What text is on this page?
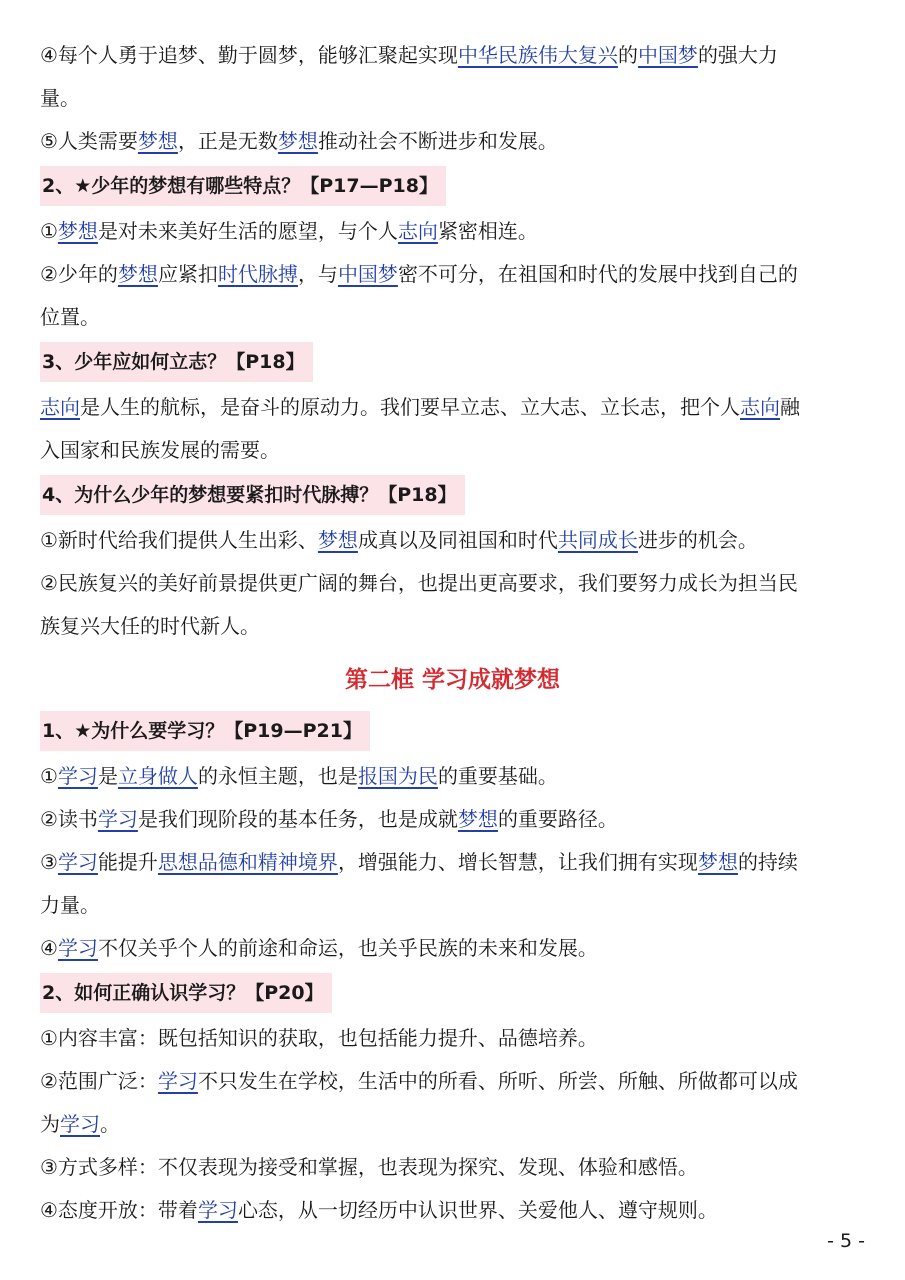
④每个人勇于追梦、勤于圆梦，能够汇聚起实现中华民族伟大复兴的中国梦的强大力
量。
⑤人类需要梦想，正是无数梦想推动社会不断进步和发展。
2、★少年的梦想有哪些特点？【P17—P18】
①梦想是对未来美好生活的愿望，与个人志向紧密相连。
②少年的梦想应紧扣时代脉搏，与中国梦密不可分，在祖国和时代的发展中找到自己的
位置。
3、少年应如何立志？【P18】
志向是人生的航标，是奋斗的原动力。我们要早立志、立大志、立长志，把个人志向融
入国家和民族发展的需要。
4、为什么少年的梦想要紧扣时代脉搏？【P18】
①新时代给我们提供人生出彩、梦想成真以及同祖国和时代共同成长进步的机会。
②民族复兴的美好前景提供更广阔的舞台，也提出更高要求，我们要努力成长为担当民
族复兴大任的时代新人。
第二框 学习成就梦想
1、★为什么要学习？【P19—P21】
①学习是立身做人的永恒主题，也是报国为民的重要基础。
②读书学习是我们现阶段的基本任务，也是成就梦想的重要路径。
③学习能提升思想品德和精神境界，增强能力、增长智慧，让我们拥有实现梦想的持续
力量。
④学习不仅关乎个人的前途和命运，也关乎民族的未来和发展。
2、如何正确认识学习？【P20】
①内容丰富：既包括知识的获取，也包括能力提升、品德培养。
②范围广泛：学习不只发生在学校，生活中的所看、所听、所尝、所触、所做都可以成
为学习。
③方式多样：不仅表现为接受和掌握，也表现为探究、发现、体验和感悟。
④态度开放：带着学习心态，从一切经历中认识世界、关爱他人、遵守规则。
- 5 -
